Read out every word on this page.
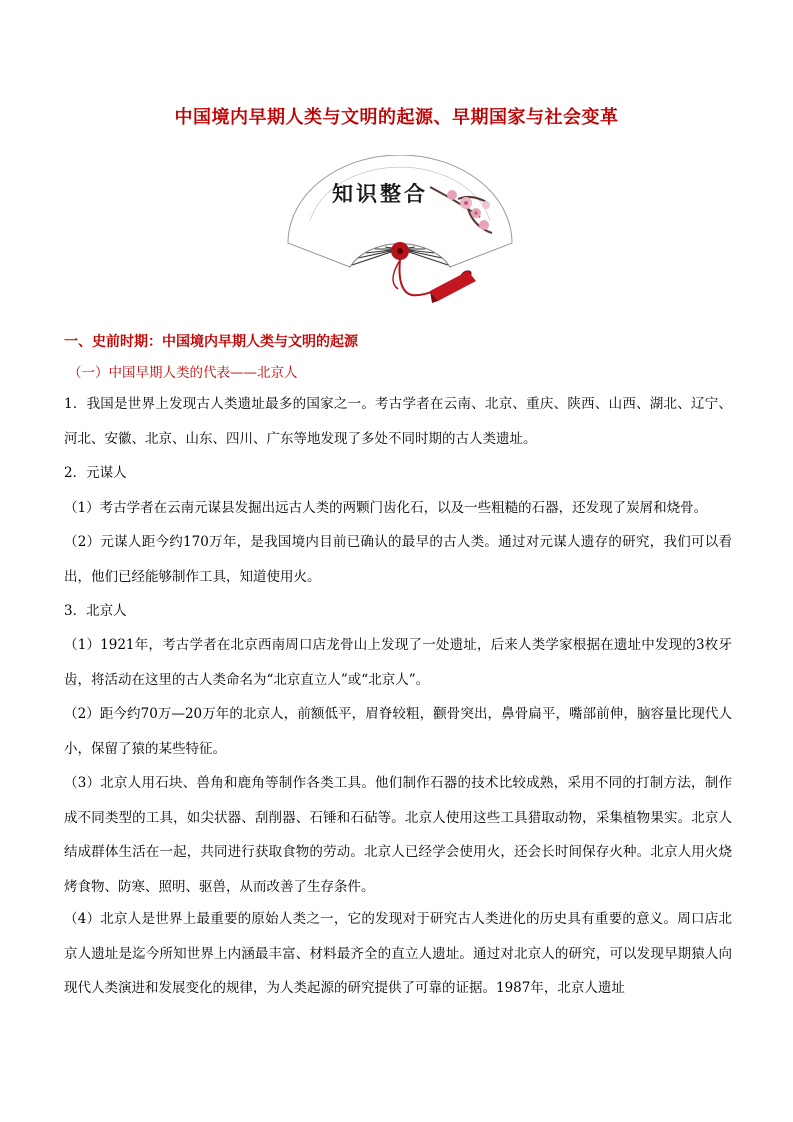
中国境内早期人类与文明的起源、早期国家与社会变革
知识整合
一、史前时期：中国境内早期人类与文明的起源
（一）中国早期人类的代表——北京人
1．我国是世界上发现古人类遗址最多的国家之一。考古学者在云南、北京、重庆、陕西、山西、湖北、辽宁、河北、安徽、北京、山东、四川、广东等地发现了多处不同时期的古人类遗址。
2．元谋人
（1）考古学者在云南元谋县发掘出远古人类的两颗门齿化石，以及一些粗糙的石器，还发现了炭屑和烧骨。
（2）元谋人距今约170万年，是我国境内目前已确认的最早的古人类。通过对元谋人遗存的研究，我们可以看出，他们已经能够制作工具，知道使用火。
3．北京人
（1）1921年，考古学者在北京西南周口店龙骨山上发现了一处遗址，后来人类学家根据在遗址中发现的3枚牙齿，将活动在这里的古人类命名为“北京直立人”或“北京人”。
（2）距今约70万—20万年的北京人，前额低平，眉脊较粗，颧骨突出，鼻骨扁平，嘴部前伸，脑容量比现代人小，保留了猿的某些特征。
（3）北京人用石块、兽角和鹿角等制作各类工具。他们制作石器的技术比较成熟，采用不同的打制方法，制作成不同类型的工具，如尖状器、刮削器、石锤和石砧等。北京人使用这些工具猎取动物，采集植物果实。北京人结成群体生活在一起，共同进行获取食物的劳动。北京人已经学会使用火，还会长时间保存火种。北京人用火烧烤食物、防寒、照明、驱兽，从而改善了生存条件。
（4）北京人是世界上最重要的原始人类之一，它的发现对于研究古人类进化的历史具有重要的意义。周口店北京人遗址是迄今所知世界上内涵最丰富、材料最齐全的直立人遗址。通过对北京人的研究，可以发现早期猿人向现代人类演进和发展变化的规律，为人类起源的研究提供了可靠的证据。1987年，北京人遗址
